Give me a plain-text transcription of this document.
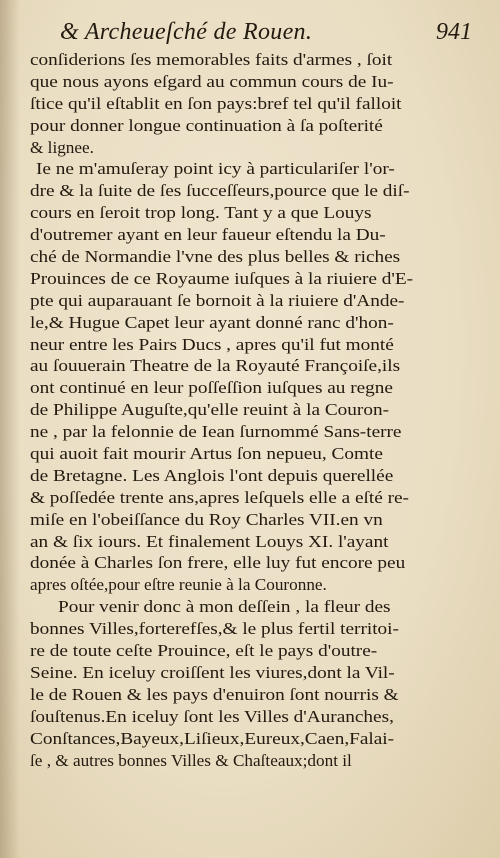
& Archeueſché de Rouen.	941
conſiderions ſes memorables faits d'armes , ſoit
que nous ayons eſgard au commun cours de Iu-
ſtice qu'il eſtablit en ſon pays:bref tel qu'il falloit
pour donner longue continuation à ſa poſterité
& lignee.
Ie ne m'amuſeray point icy à particulariſer l'or-
dre & la ſuite de ſes ſucceſſeurs,pource que le diſ-
cours en ſeroit trop long. Tant y a que Louys
d'outremer ayant en leur faueur eſtendu la Du-
ché de Normandie l'vne des plus belles & riches
Prouinces de ce Royaume iuſques à la riuiere d'E-
pte qui auparauant ſe bornoit à la riuiere d'Ande-
le,& Hugue Capet leur ayant donné ranc d'hon-
neur entre les Pairs Ducs , apres qu'il fut monté
au ſouuerain Theatre de la Royauté Françoiſe,ils
ont continué en leur poſſeſſion iuſques au regne
de Philippe Auguſte,qu'elle reuint à la Couron-
ne , par la felonnie de Iean ſurnommé Sans-terre
qui auoit fait mourir Artus ſon nepueu, Comte
de Bretagne. Les Anglois l'ont depuis querellée
& poſſedée trente ans,apres leſquels elle a eſté re-
miſe en l'obeiſſance du Roy Charles VII.en vn
an & ſix iours. Et finalement Louys XI. l'ayant
donée à Charles ſon frere, elle luy fut encore peu
apres oſtée,pour eſtre reunie à la Couronne.
Pour venir donc à mon deſſein , la fleur des
bonnes Villes,forterefſes,& le plus fertil territoi-
re de toute ceſte Prouince, eſt le pays d'outre-
Seine. En iceluy croiſſent les viures,dont la Vil-
le de Rouen & les pays d'enuiron ſont nourris &
ſouſtenus.En iceluy ſont les Villes d'Auranches,
Conſtances,Bayeux,Liſieux,Eureux,Caen,Falai-
ſe , & autres bonnes Villes & Chaſteaux;dont il
